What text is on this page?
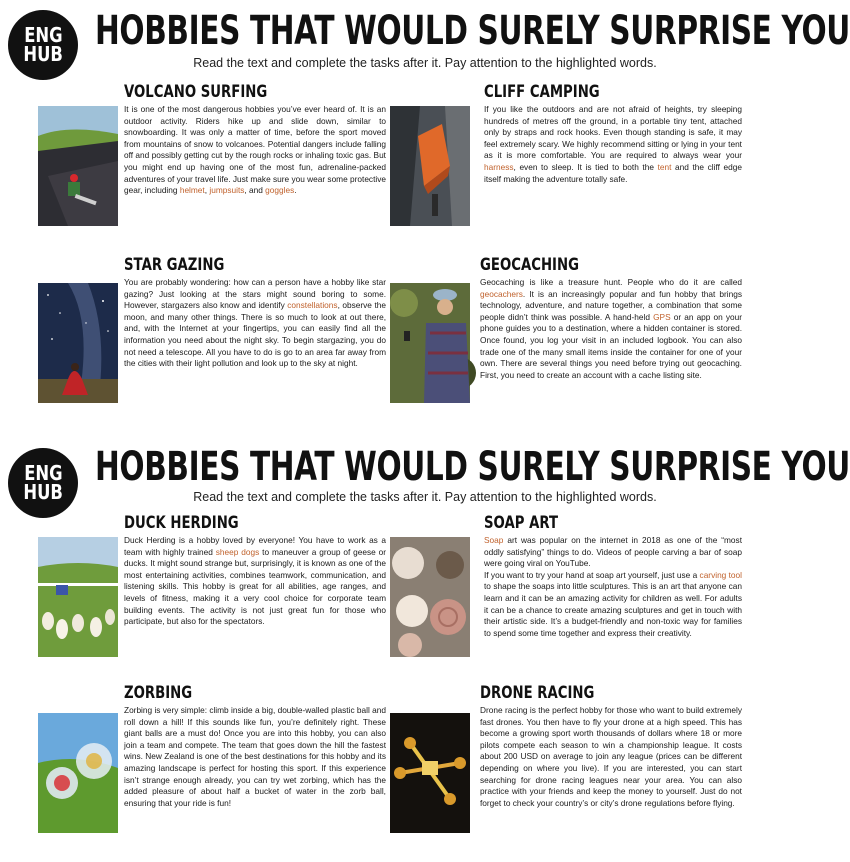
ENG
HUB HOBBIES THAT WOULD SURELY SURPRISE YOU
Read the text and complete the tasks after it. Pay attention to the highlighted words.
VOLCANO SURFING
It is one of the most dangerous hobbies you’ve ever heard of. It is an outdoor activity. Riders hike up and slide down, similar to snowboarding. It was only a matter of time, before the sport moved from mountains of snow to volcanoes. Potential dangers include falling off and possibly getting cut by the rough rocks or inhaling toxic gas. But you might end up having one of the most fun, adrenaline-packed adventures of your travel life. Just make sure you wear some protective gear, including helmet, jumpsuits, and goggles.
CLIFF CAMPING
If you like the outdoors and are not afraid of heights, try sleeping hundreds of metres off the ground, in a portable tiny tent, attached only by straps and rock hooks. Even though standing is safe, it may feel extremely scary. We highly recommend sitting or lying in your tent as it is more comfortable. You are required to always wear your harness, even to sleep. It is tied to both the tent and the cliff edge itself making the adventure totally safe.
STAR GAZING
You are probably wondering: how can a person have a hobby like star gazing? Just looking at the stars might sound boring to some. However, stargazers also know and identify constellations, observe the moon, and many other things. There is so much to look at out there, and, with the Internet at your fingertips, you can easily find all the information you need about the night sky. To begin stargazing, you do not need a telescope. All you have to do is go to an area far away from the cities with their light pollution and look up to the sky at night.
GEOCACHING
Geocaching is like a treasure hunt. People who do it are called geocachers. It is an increasingly popular and fun hobby that brings technology, adventure, and nature together, a combination that some people didn’t think was possible. A hand-held GPS or an app on your phone guides you to a destination, where a hidden container is stored. Once found, you log your visit in an included logbook. You can also trade one of the many small items inside the container for one of your own. There are several things you need before trying out geocaching. First, you need to create an account with a cache listing site.
ENG
HUB
HOBBIES THAT WOULD SURELY SURPRISE YOU
Read the text and complete the tasks after it. Pay attention to the highlighted words.
DUCK HERDING
Duck Herding is a hobby loved by everyone! You have to work as a team with highly trained sheep dogs to maneuver a group of geese or ducks. It might sound strange but, surprisingly, it is known as one of the most entertaining activities, combines teamwork, communication, and listening skills. This hobby is great for all abilities, age ranges, and levels of fitness, making it a very cool choice for corporate team building events. The activity is not just great fun for those who participate, but also for the spectators.
SOAP ART
Soap art was popular on the internet in 2018 as one of the “most oddly satisfying” things to do. Videos of people carving a bar of soap were going viral on YouTube.
If you want to try your hand at soap art yourself, just use a carving tool to shape the soaps into little sculptures. This is an art that anyone can learn and it can be an amazing activity for children as well. For adults it can be a chance to create amazing sculptures and get in touch with their artistic side. It’s a budget-friendly and non-toxic way for families to spend some time together and express their creativity.
ZORBING
Zorbing is very simple: climb inside a big, double-walled plastic ball and roll down a hill! If this sounds like fun, you’re definitely right. These giant balls are a must do! Once you are into this hobby, you can also join a team and compete. The team that goes down the hill the fastest wins. New Zealand is one of the best destinations for this hobby and its amazing landscape is perfect for hosting this sport. If this experience isn’t strange enough already, you can try wet zorbing, which has the added pleasure of about half a bucket of water in the zorb ball, ensuring that your ride is fun!
DRONE RACING
Drone racing is the perfect hobby for those who want to build extremely fast drones. You then have to fly your drone at a high speed. This has become a growing sport worth thousands of dollars where 18 or more pilots compete each season to win a championship league. It costs about 200 USD on average to join any league (prices can be different depending on where you live). If you are interested, you can start searching for drone racing leagues near your area. You can also practice with your friends and keep the money to yourself. Just do not forget to check your country’s or city’s drone regulations before flying.
